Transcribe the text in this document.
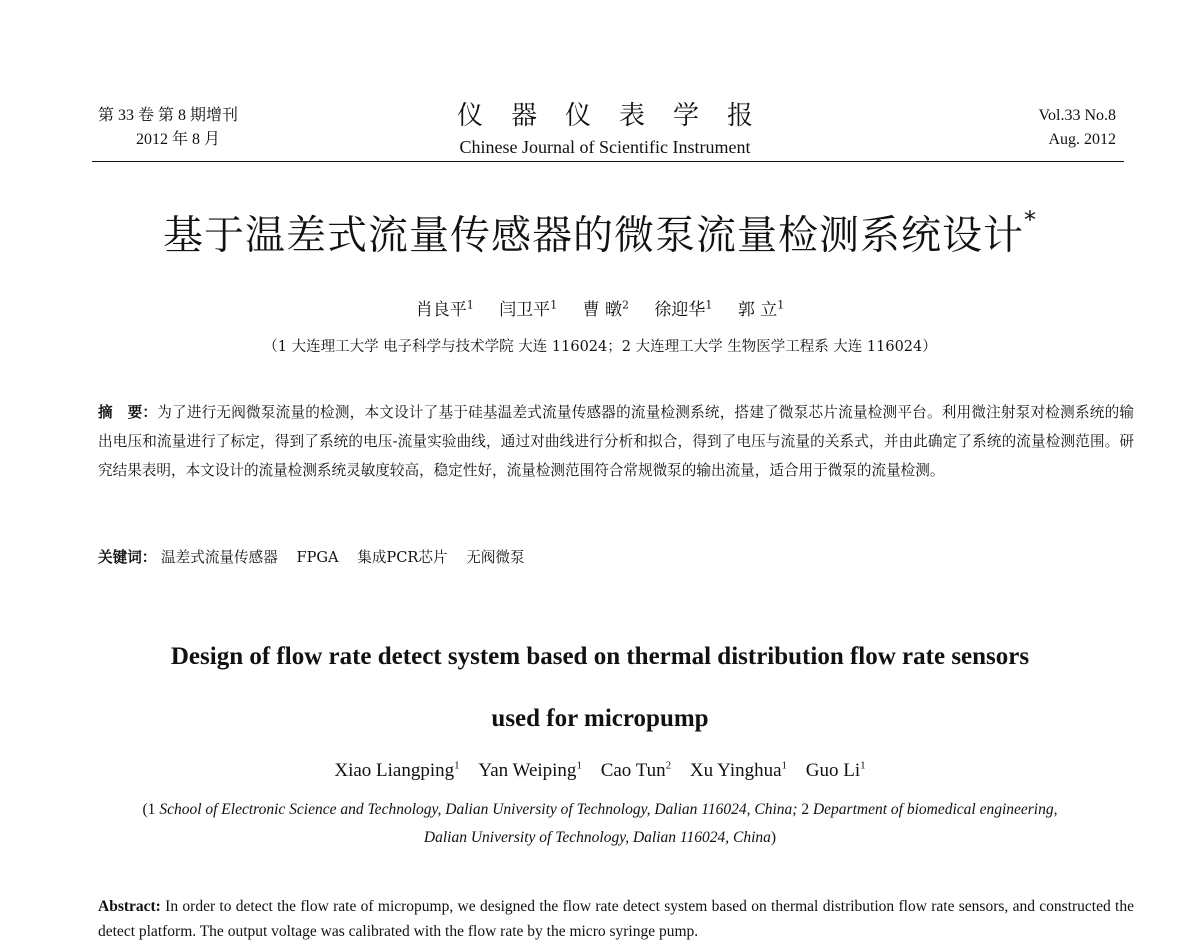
第 33 卷 第 8 期增刊
2012 年 8 月
仪器仪表学报
Chinese Journal of Scientific Instrument
Vol.33 No.8
Aug. 2012
基于温差式流量传感器的微泵流量检测系统设计*
肖良平$^1$ 闫卫平$^1$ 曹 暾$^2$ 徐迎华$^1$ 郭 立$^1$
（1 大连理工大学 电子科学与技术学院 大连 116024；2 大连理工大学 生物医学工程系 大连 116024）
摘　要：为了进行无阀微泵流量的检测，本文设计了基于硅基温差式流量传感器的流量检测系统，搭建了微泵芯片流量检测平台。利用微注射泵对检测系统的输出电压和流量进行了标定，得到了系统的电压-流量实验曲线，通过对曲线进行分析和拟合，得到了电压与流量的关系式，并由此确定了系统的流量检测范围。研究结果表明，本文设计的流量检测系统灵敏度较高，稳定性好，流量检测范围符合常规微泵的输出流量，适合用于微泵的流量检测。
关键词： 温差式流量传感器 FPGA 集成PCR芯片 无阀微泵
Design of flow rate detect system based on thermal distribution flow rate sensors
used for micropump
Xiao Liangping$^1$ Yan Weiping$^1$ Cao Tun$^2$ Xu Yinghua$^1$ Guo Li$^1$
(1 School of Electronic Science and Technology, Dalian University of Technology, Dalian 116024, China; 2 Department of biomedical engineering, Dalian University of Technology, Dalian 116024, China)
Abstract: In order to detect the flow rate of micropump, we designed the flow rate detect system based on thermal distribution flow rate sensors, and constructed the detect platform. The output voltage was calibrated with the flow rate by the micro syringe pump.
